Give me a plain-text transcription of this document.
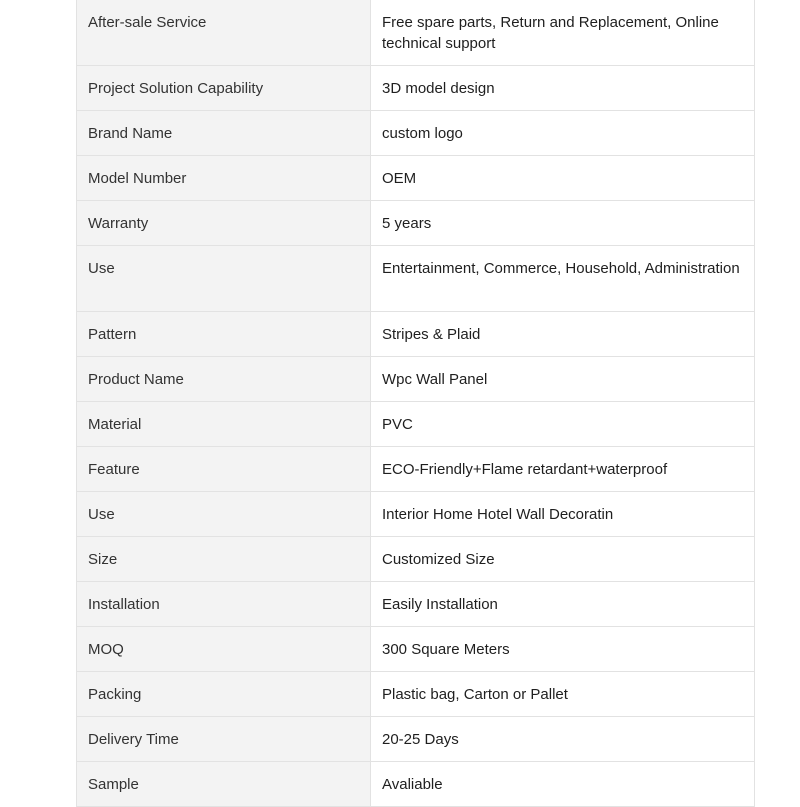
After-sale Service	Free spare parts, Return and Replacement, Online technical support
Project Solution Capability	3D model design
Brand Name	custom logo
Model Number	OEM
Warranty	5 years
Use	Entertainment, Commerce, Household, Administration
Pattern	Stripes & Plaid
Product Name	Wpc Wall Panel
Material	PVC
Feature	ECO-Friendly+Flame retardant+waterproof
Use	Interior Home Hotel Wall Decoratin
Size	Customized Size
Installation	Easily Installation
MOQ	300 Square Meters
Packing	Plastic bag, Carton or Pallet
Delivery Time	20-25 Days
Sample	Avaliable
